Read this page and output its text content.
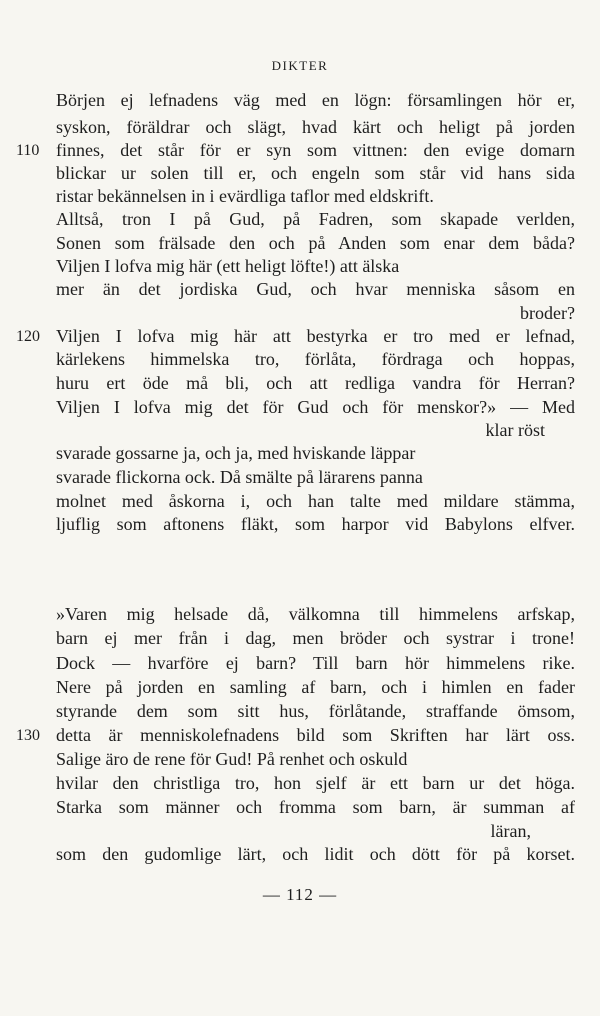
DIKTER
Börjen ej lefnadens väg med en lögn: församlingen hör er,
syskon, föräldrar och slägt, hvad kärt och heligt på jorden
110 finnes, det står för er syn som vittnen: den evige domarn
blickar ur solen till er, och engeln som står vid hans sida
ristar bekännelsen in i evärdliga taflor med eldskrift.
Alltså, tron I på Gud, på Fadren, som skapade verlden,
Sonen som frälsade den och på Anden som enar dem båda?
Viljen I lofva mig här (ett heligt löfte!) att älska
mer än det jordiska Gud, och hvar menniska såsom en
broder?
120 Viljen I lofva mig här att bestyrka er tro med er lefnad,
kärlekens himmelska tro, förlåta, fördraga och hoppas,
huru ert öde må bli, och att redliga vandra för Herran?
Viljen I lofva mig det för Gud och för menskor?» — Med
klar röst
svarade gossarne ja, och ja, med hviskande läppar
svarade flickorna ock. Då smälte på lärarens panna
molnet med åskorna i, och han talte med mildare stämma,
ljuflig som aftonens fläkt, som harpor vid Babylons elfver.
»Varen mig helsade då, välkomna till himmelens arfskap,
barn ej mer från i dag, men bröder och systrar i trone!
Dock — hvarföre ej barn? Till barn hör himmelens rike.
Nere på jorden en samling af barn, och i himlen en fader
styrande dem som sitt hus, förlåtande, straffande ömsom,
130 detta är menniskolefnadens bild som Skriften har lärt oss.
Salige äro de rene för Gud! På renhet och oskuld
hvilar den christliga tro, hon sjelf är ett barn ur det höga.
Starka som männer och fromma som barn, är summan af
läran,
som den gudomlige lärt, och lidit och dött för på korset.
— 112 —
